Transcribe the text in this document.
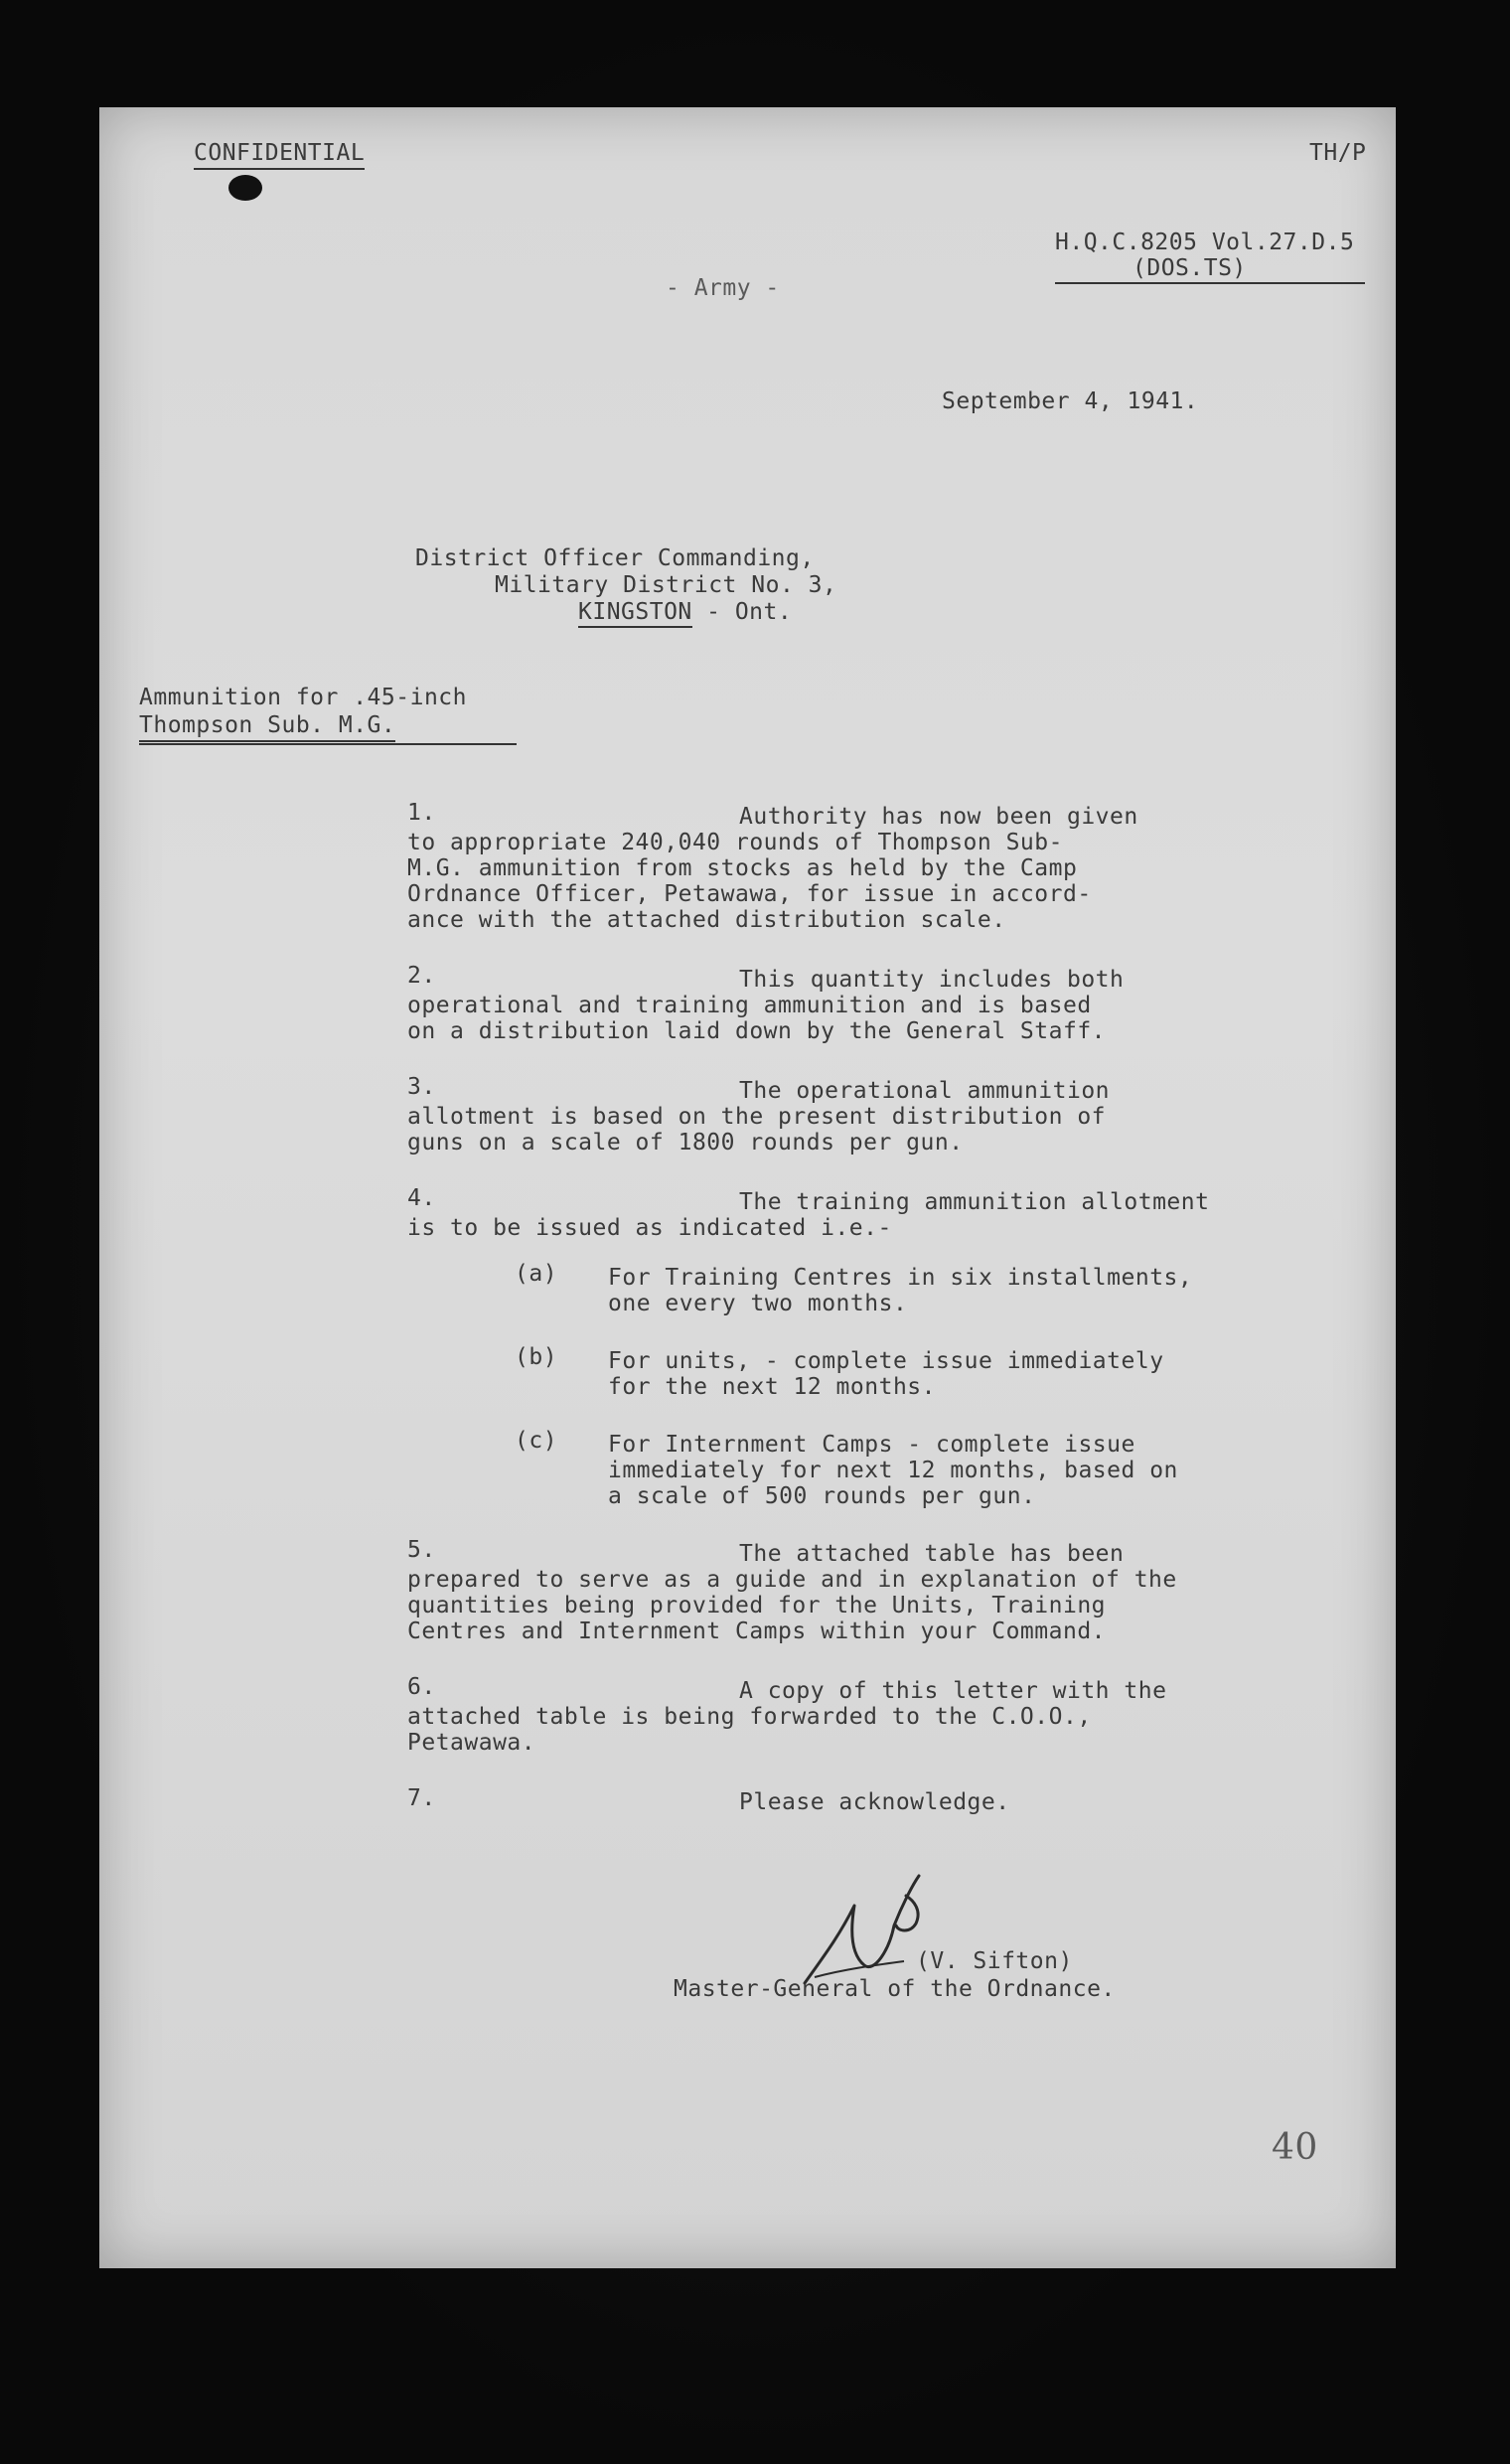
CONFIDENTIAL	TH/P
H.Q.C.8205 Vol.27.D.5
(DOS.TS)
- Army -
September 4, 1941.
District Officer Commanding,
Military District No. 3,
KINGSTON - Ont.
Ammunition for .45-inch
Thompson Sub. M.G.
1.	Authority has now been given
to appropriate 240,040 rounds of Thompson Sub-
M.G. ammunition from stocks as held by the Camp
Ordnance Officer, Petawawa, for issue in accord-
ance with the attached distribution scale.
2.	This quantity includes both
operational and training ammunition and is based
on a distribution laid down by the General Staff.
3.	The operational ammunition
allotment is based on the present distribution of
guns on a scale of 1800 rounds per gun.
4.	The training ammunition allotment
is to be issued as indicated i.e.-
(a) For Training Centres in six installments,
one every two months.
(b) For units, - complete issue immediately
for the next 12 months.
(c) For Internment Camps - complete issue
immediately for next 12 months, based on
a scale of 500 rounds per gun.
5.	The attached table has been
prepared to serve as a guide and in explanation of the
quantities being provided for the Units, Training
Centres and Internment Camps within your Command.
6.	A copy of this letter with the
attached table is being forwarded to the C.O.O.,
Petawawa.
7.	Please acknowledge.
(V. Sifton)
Master-General of the Ordnance.
40
